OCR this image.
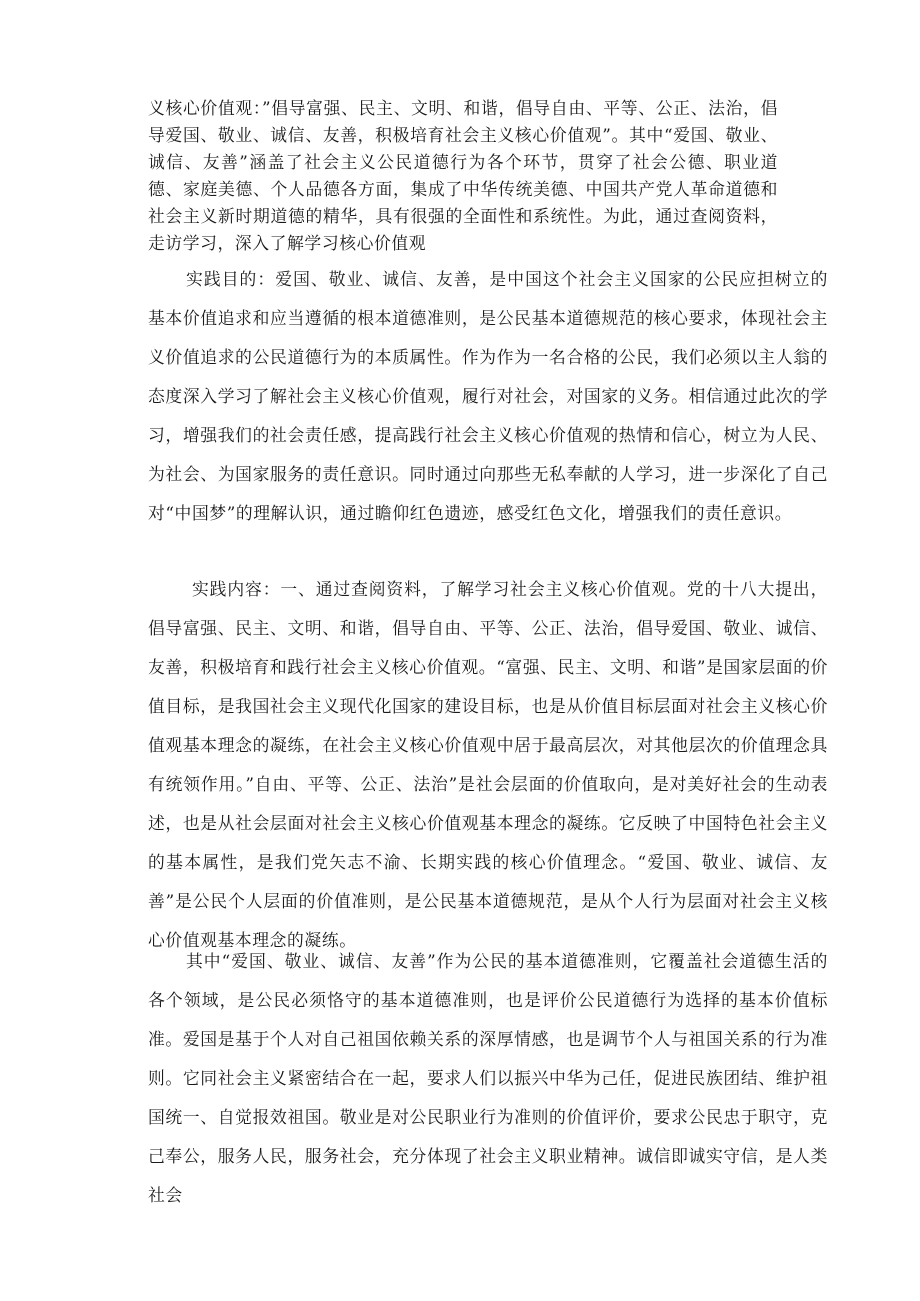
义核心价值观：”倡导富强、民主、文明、和谐，倡导自由、平等、公正、法治，倡导爱国、敬业、诚信、友善，积极培育社会主义核心价值观”。其中“爱国、敬业、诚信、友善”涵盖了社会主义公民道德行为各个环节，贯穿了社会公德、职业道德、家庭美德、个人品德各方面，集成了中华传统美德、中国共产党人革命道德和社会主义新时期道德的精华，具有很强的全面性和系统性。为此，通过查阅资料，走访学习，深入了解学习核心价值观

实践目的：爱国、敬业、诚信、友善，是中国这个社会主义国家的公民应担树立的基本价值追求和应当遵循的根本道德准则，是公民基本道德规范的核心要求，体现社会主义价值追求的公民道德行为的本质属性。作为作为一名合格的公民，我们必须以主人翁的态度深入学习了解社会主义核心价值观，履行对社会，对国家的义务。相信通过此次的学习，增强我们的社会责任感，提高践行社会主义核心价值观的热情和信心，树立为人民、为社会、为国家服务的责任意识。同时通过向那些无私奉献的人学习，进一步深化了自己对“中国梦”的理解认识，通过瞻仰红色遗迹，感受红色文化，增强我们的责任意识。

实践内容：一、通过查阅资料，了解学习社会主义核心价值观。党的十八大提出，倡导富强、民主、文明、和谐，倡导自由、平等、公正、法治，倡导爱国、敬业、诚信、友善，积极培育和践行社会主义核心价值观。“富强、民主、文明、和谐”是国家层面的价值目标，是我国社会主义现代化国家的建设目标，也是从价值目标层面对社会主义核心价值观基本理念的凝练，在社会主义核心价值观中居于最高层次，对其他层次的价值理念具有统领作用。”自由、平等、公正、法治”是社会层面的价值取向，是对美好社会的生动表述，也是从社会层面对社会主义核心价值观基本理念的凝练。它反映了中国特色社会主义的基本属性，是我们党矢志不渝、长期实践的核心价值理念。“爱国、敬业、诚信、友善”是公民个人层面的价值准则，是公民基本道德规范，是从个人行为层面对社会主义核心价值观基本理念的凝练。

其中“爱国、敬业、诚信、友善”作为公民的基本道德准则，它覆盖社会道德生活的各个领域，是公民必须恪守的基本道德准则，也是评价公民道德行为选择的基本价值标准。爱国是基于个人对自己祖国依赖关系的深厚情感，也是调节个人与祖国关系的行为准则。它同社会主义紧密结合在一起，要求人们以振兴中华为己任，促进民族团结、维护祖国统一、自觉报效祖国。敬业是对公民职业行为准则的价值评价，要求公民忠于职守，克己奉公，服务人民，服务社会，充分体现了社会主义职业精神。诚信即诚实守信，是人类社会
